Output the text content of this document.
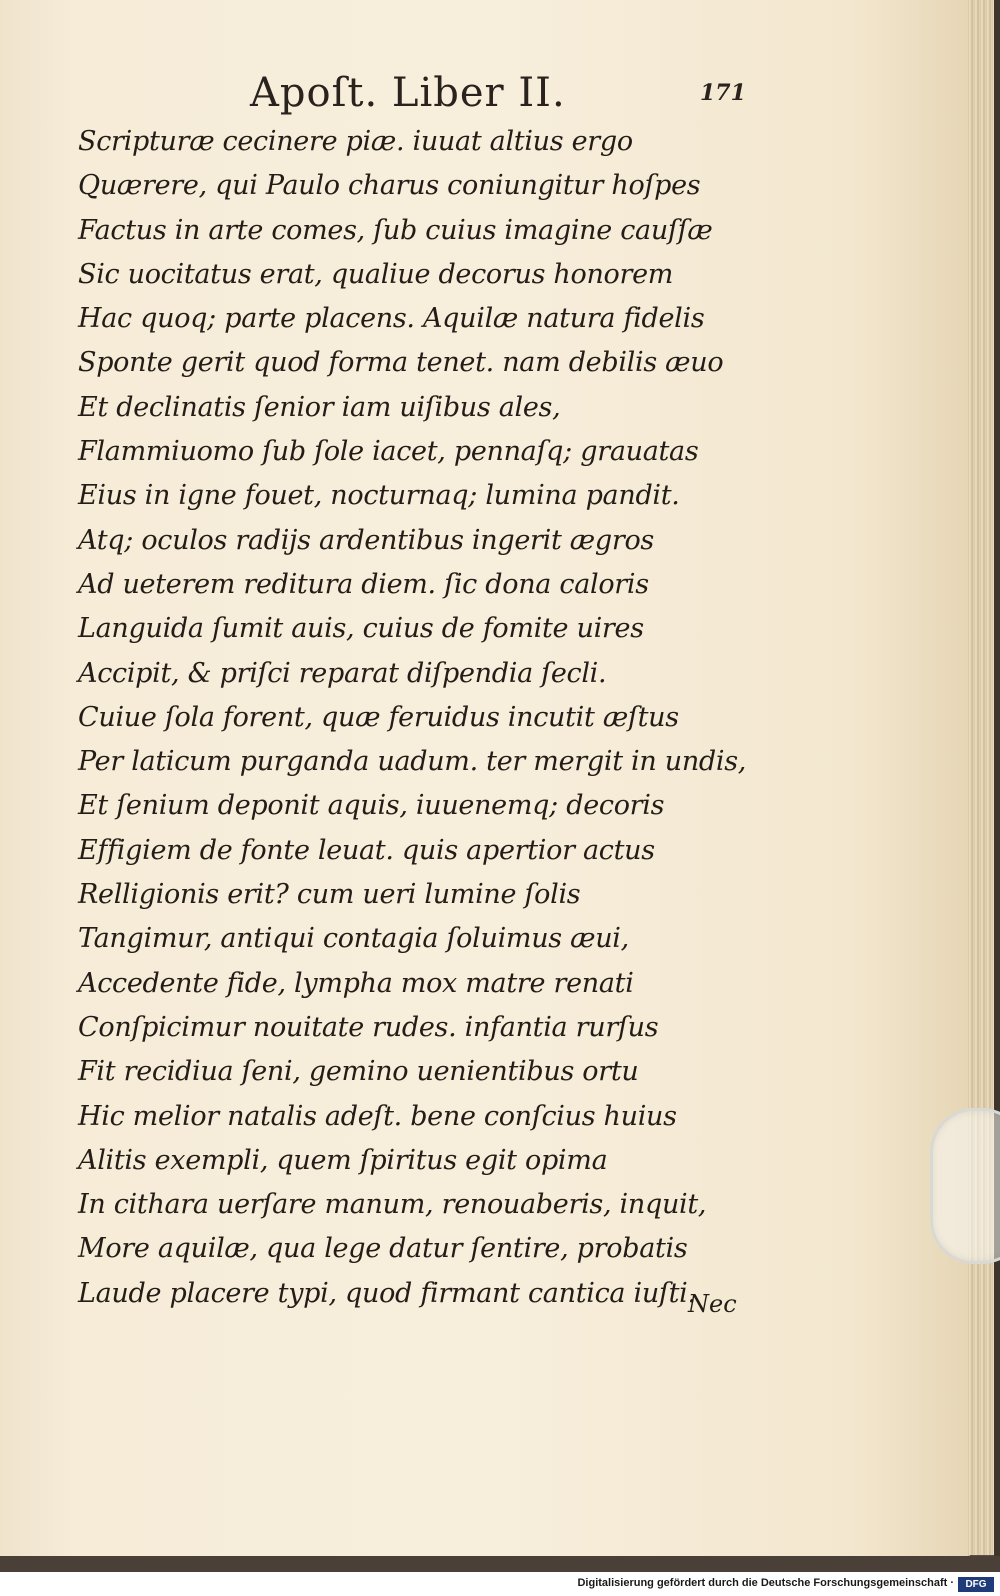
Apoſt. Liber II.	171
Scripturæ cecinere piæ. iuuat altius ergo
Quærere, qui Paulo charus coniungitur hoſpes
Factus in arte comes, ſub cuius imagine cauſſæ
Sic uocitatus erat, qualiue decorus honorem
Hac quoq; parte placens. Aquilæ natura fidelis
Sponte gerit quod forma tenet. nam debilis æuo
Et declinatis ſenior iam uiſibus ales,
Flammiuomo ſub ſole iacet, pennaſq; grauatas
Eius in igne fouet, nocturnaq; lumina pandit.
Atq; oculos radijs ardentibus ingerit ægros
Ad ueterem reditura diem. ſic dona caloris
Languida ſumit auis, cuius de fomite uires
Accipit, & priſci reparat diſpendia ſecli.
Cuiue ſola forent, quæ feruidus incutit æſtus
Per laticum purganda uadum. ter mergit in undis,
Et ſenium deponit aquis, iuuenemq; decoris
Effigiem de fonte leuat. quis apertior actus
Relligionis erit? cum ueri lumine ſolis
Tangimur, antiqui contagia ſoluimus æui,
Accedente fide, lympha mox matre renati
Conſpicimur nouitate rudes. infantia rurſus
Fit recidiua ſeni, gemino uenientibus ortu
Hic melior natalis adeſt. bene conſcius huius
Alitis exempli, quem ſpiritus egit opima
In cithara uerſare manum, renouaberis, inquit,
More aquilæ, qua lege datur ſentire, probatis
Laude placere typi, quod firmant cantica iuſti.
Nec
Digitalisierung gefördert durch die Deutsche Forschungsgemeinschaft ·	DFG
